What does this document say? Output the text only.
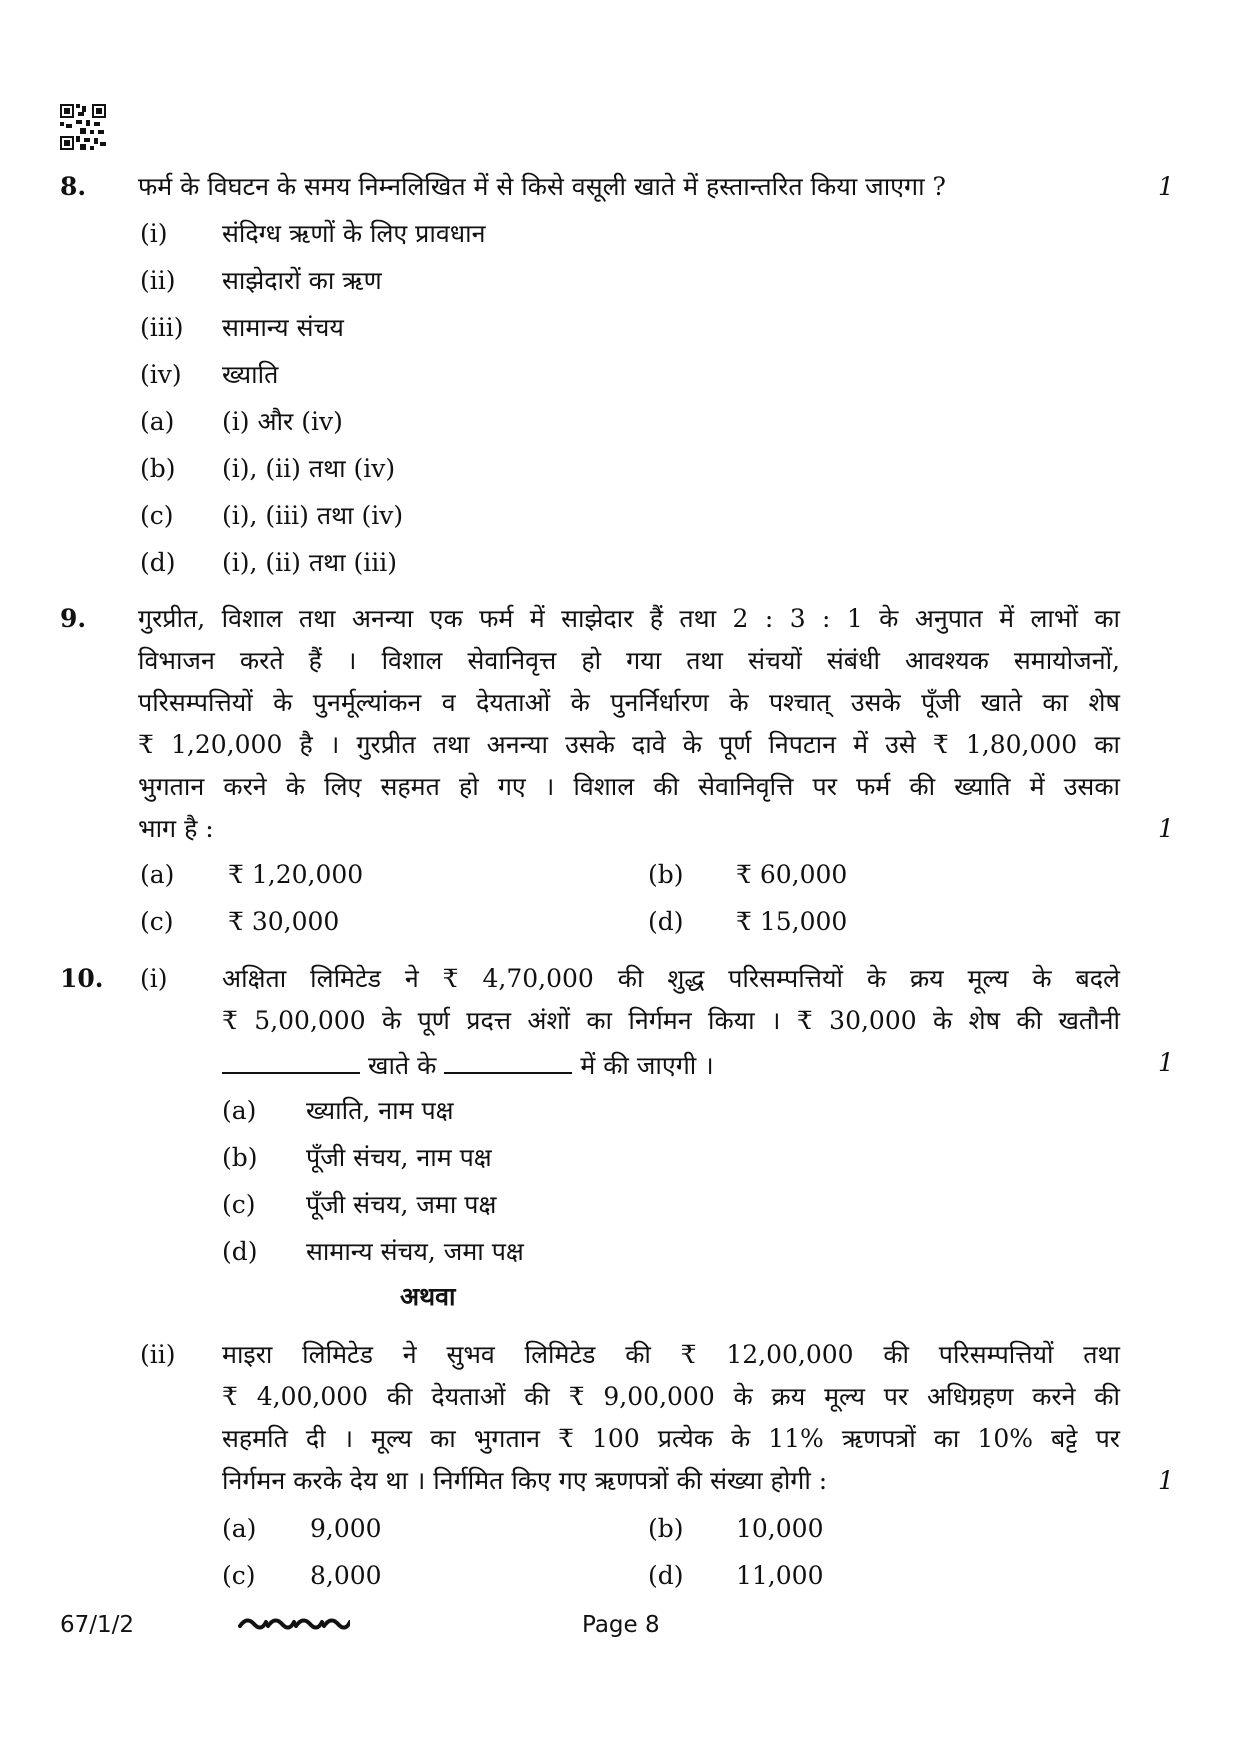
8. फर्म के विघटन के समय निम्नलिखित में से किसे वसूली खाते में हस्तान्तरित किया जाएगा ?	1
(i) संदिग्ध ऋणों के लिए प्रावधान
(ii) साझेदारों का ऋण
(iii) सामान्य संचय
(iv) ख्याति
(a) (i) और (iv)
(b) (i), (ii) तथा (iv)
(c) (i), (iii) तथा (iv)
(d) (i), (ii) तथा (iii)
9. गुरप्रीत, विशाल तथा अनन्या एक फर्म में साझेदार हैं तथा 2 : 3 : 1 के अनुपात में लाभों का
विभाजन करते हैं । विशाल सेवानिवृत्त हो गया तथा संचयों संबंधी आवश्यक समायोजनों,
परिसम्पत्तियों के पुनर्मूल्यांकन व देयताओं के पुनर्निर्धारण के पश्चात् उसके पूँजी खाते का शेष
₹ 1,20,000 है । गुरप्रीत तथा अनन्या उसके दावे के पूर्ण निपटान में उसे ₹ 1,80,000 का
भुगतान करने के लिए सहमत हो गए । विशाल की सेवानिवृत्ति पर फर्म की ख्याति में उसका
भाग है :	1
(a) ₹ 1,20,000	(b) ₹ 60,000
(c) ₹ 30,000	(d) ₹ 15,000
10. (i) अक्षिता लिमिटेड ने ₹ 4,70,000 की शुद्ध परिसम्पत्तियों के क्रय मूल्य के बदले
₹ 5,00,000 के पूर्ण प्रदत्त अंशों का निर्गमन किया । ₹ 30,000 के शेष की खतौनी
खाते के	में की जाएगी ।	1
(a) ख्याति, नाम पक्ष
(b) पूँजी संचय, नाम पक्ष
(c) पूँजी संचय, जमा पक्ष
(d) सामान्य संचय, जमा पक्ष
अथवा
(ii) माइरा लिमिटेड ने सुभव लिमिटेड की ₹ 12,00,000 की परिसम्पत्तियों तथा
₹ 4,00,000 की देयताओं की ₹ 9,00,000 के क्रय मूल्य पर अधिग्रहण करने की
सहमति दी । मूल्य का भुगतान ₹ 100 प्रत्येक के 11% ऋणपत्रों का 10% बट्टे पर
निर्गमन करके देय था । निर्गमित किए गए ऋणपत्रों की संख्या होगी :	1
(a) 9,000	(b) 10,000
(c) 8,000	(d) 11,000
67/1/2	Page 8
